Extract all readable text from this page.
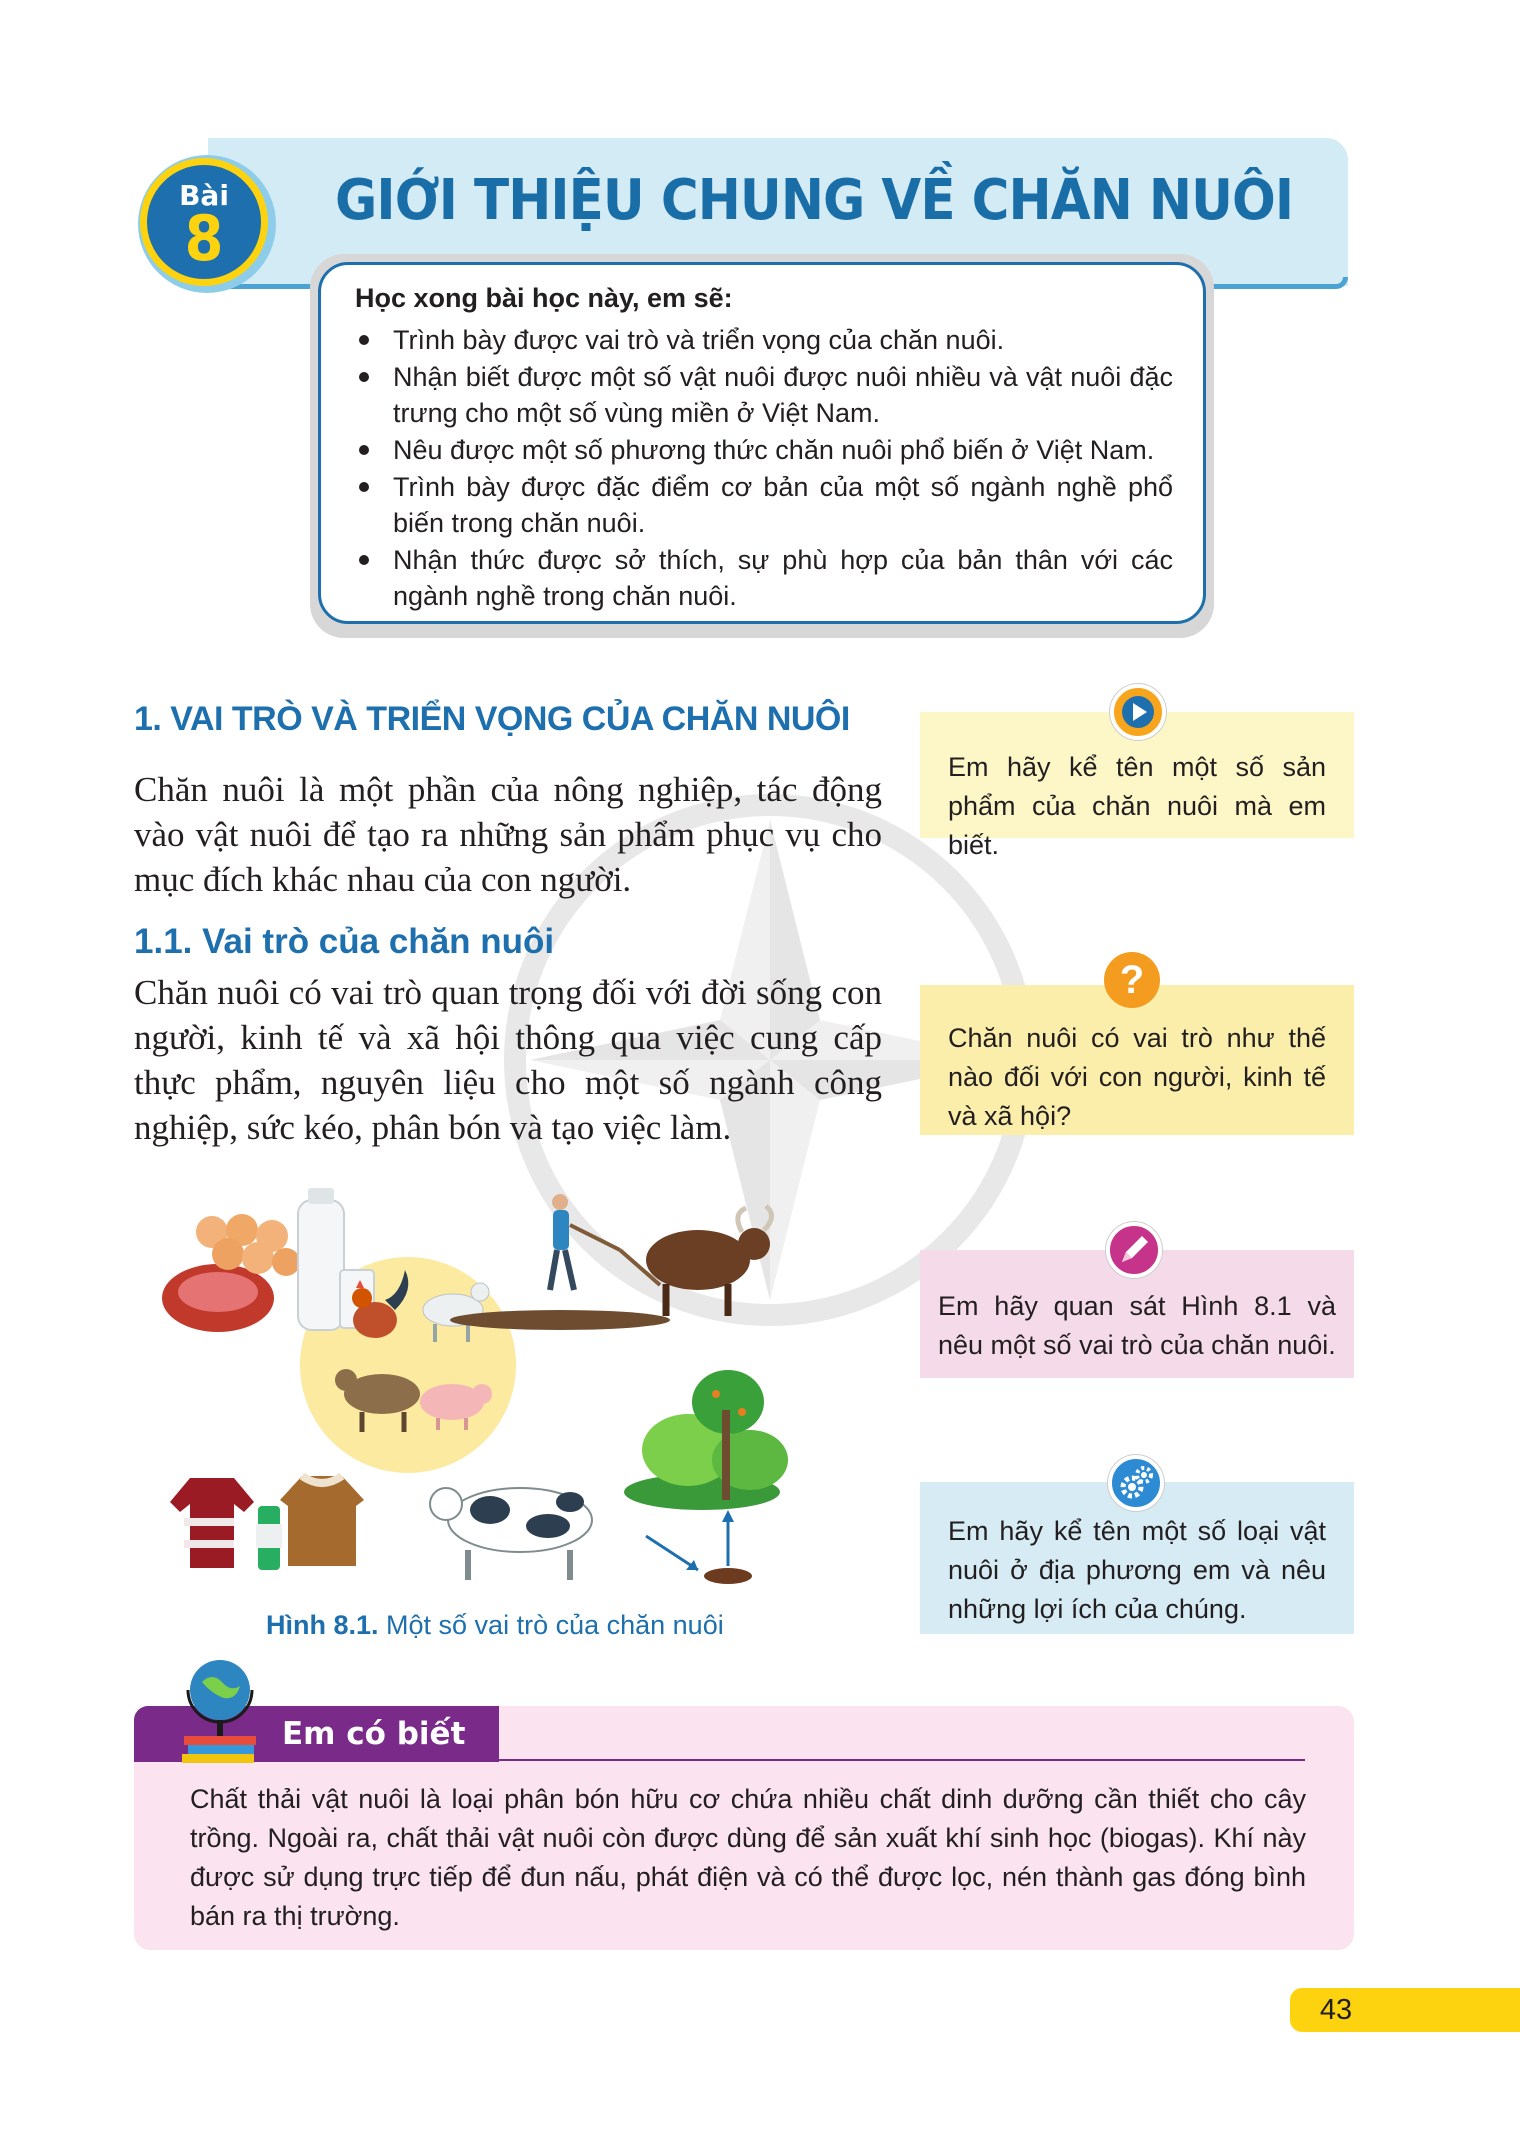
Bài
8
GIỚI THIỆU CHUNG VỀ CHĂN NUÔI
Học xong bài học này, em sẽ:
Trình bày được vai trò và triển vọng của chăn nuôi.
Nhận biết được một số vật nuôi được nuôi nhiều và vật nuôi đặc trưng cho một số vùng miền ở Việt Nam.
Nêu được một số phương thức chăn nuôi phổ biến ở Việt Nam.
Trình bày được đặc điểm cơ bản của một số ngành nghề phổ biến trong chăn nuôi.
Nhận thức được sở thích, sự phù hợp của bản thân với các ngành nghề trong chăn nuôi.
1. VAI TRÒ VÀ TRIỂN VỌNG CỦA CHĂN NUÔI
Chăn nuôi là một phần của nông nghiệp, tác động vào vật nuôi để tạo ra những sản phẩm phục vụ cho mục đích khác nhau của con người.
1.1. Vai trò của chăn nuôi
Chăn nuôi có vai trò quan trọng đối với đời sống con người, kinh tế và xã hội thông qua việc cung cấp thực phẩm, nguyên liệu cho một số ngành công nghiệp, sức kéo, phân bón và tạo việc làm.
Em hãy kể tên một số sản phẩm của chăn nuôi mà em biết.
Chăn nuôi có vai trò như thế nào đối với con người, kinh tế và xã hội?
?
Em hãy quan sát Hình 8.1 và nêu một số vai trò của chăn nuôi.
Em hãy kể tên một số loại vật nuôi ở địa phương em và nêu những lợi ích của chúng.
Hình 8.1. Một số vai trò của chăn nuôi
Em có biết
Chất thải vật nuôi là loại phân bón hữu cơ chứa nhiều chất dinh dưỡng cần thiết cho cây trồng. Ngoài ra, chất thải vật nuôi còn được dùng để sản xuất khí sinh học (biogas). Khí này được sử dụng trực tiếp để đun nấu, phát điện và có thể được lọc, nén thành gas đóng bình bán ra thị trường.
43
